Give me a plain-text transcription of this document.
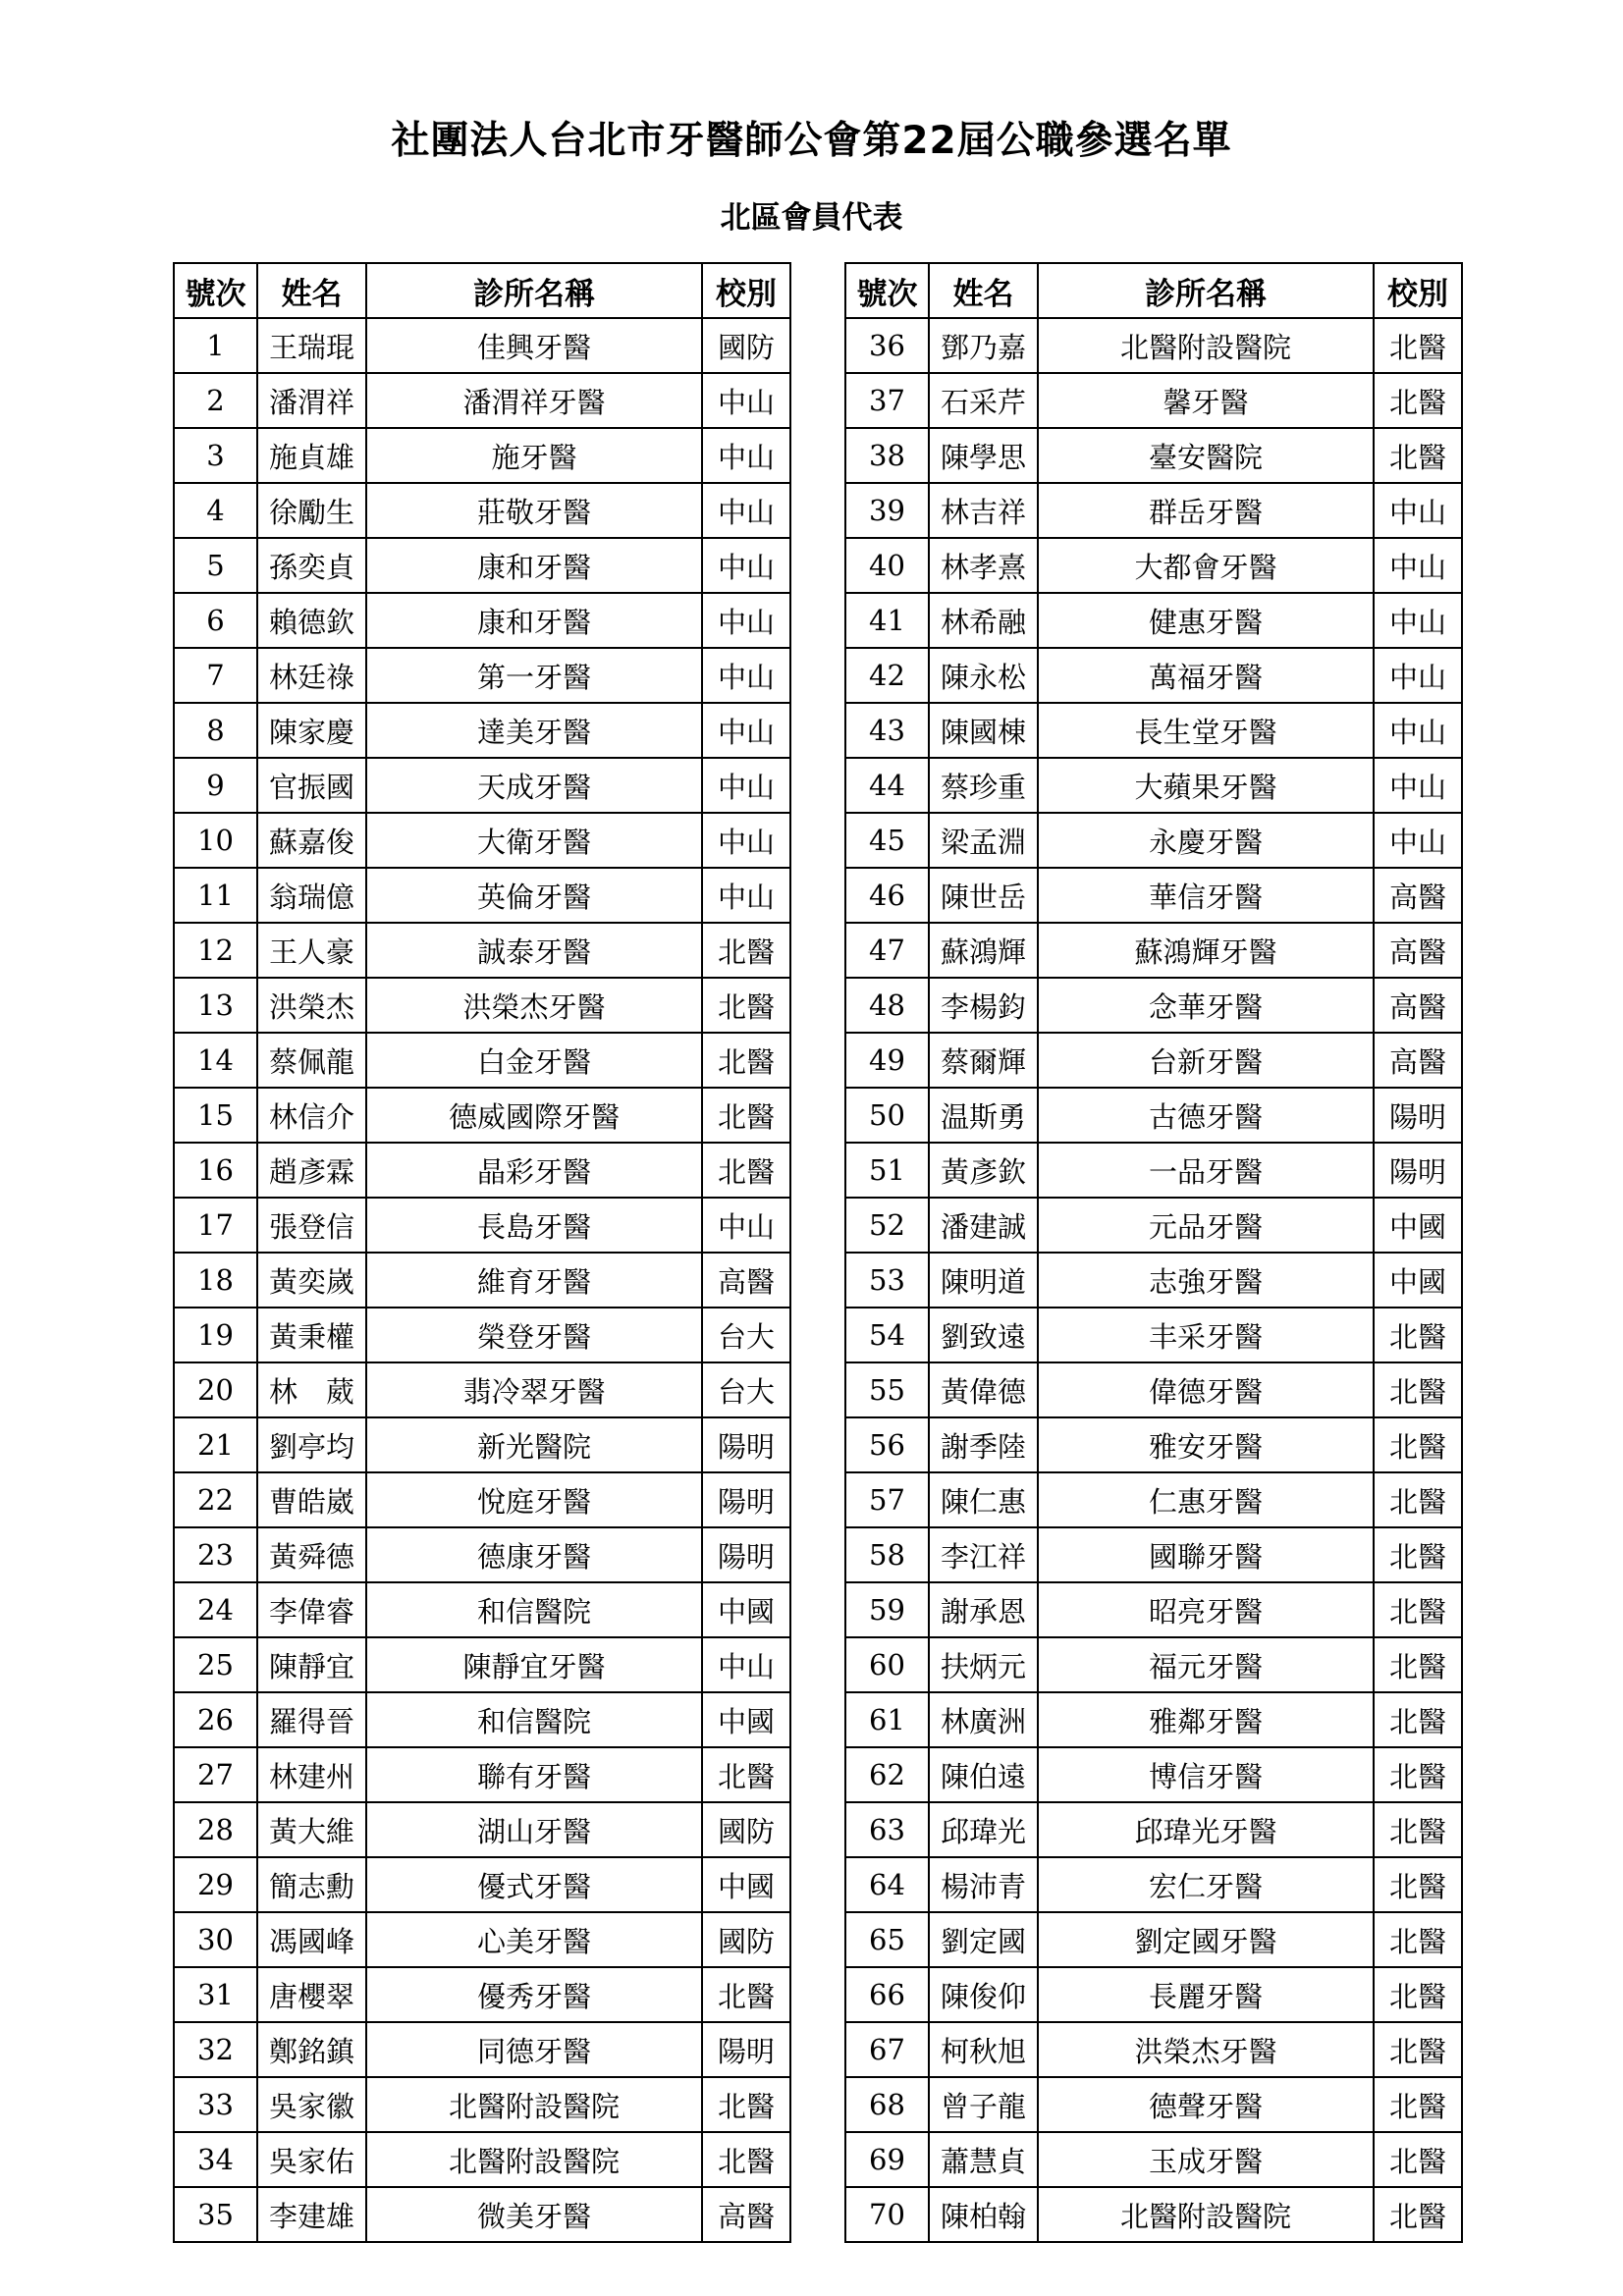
社團法人台北市牙醫師公會第22屆公職參選名單
北區會員代表
號次	姓名	診所名稱	校別
1	王瑞琨	佳興牙醫	國防
2	潘渭祥	潘渭祥牙醫	中山
3	施貞雄	施牙醫	中山
4	徐勵生	莊敬牙醫	中山
5	孫奕貞	康和牙醫	中山
6	賴德欽	康和牙醫	中山
7	林廷祿	第一牙醫	中山
8	陳家慶	達美牙醫	中山
9	官振國	天成牙醫	中山
10	蘇嘉俊	大衛牙醫	中山
11	翁瑞億	英倫牙醫	中山
12	王人豪	誠泰牙醫	北醫
13	洪榮杰	洪榮杰牙醫	北醫
14	蔡佩龍	白金牙醫	北醫
15	林信介	德威國際牙醫	北醫
16	趙彥霖	晶彩牙醫	北醫
17	張登信	長島牙醫	中山
18	黃奕嵗	維育牙醫	高醫
19	黃秉權	榮登牙醫	台大
20	林　葳	翡冷翠牙醫	台大
21	劉亭均	新光醫院	陽明
22	曹皓崴	悅庭牙醫	陽明
23	黃舜德	德康牙醫	陽明
24	李偉睿	和信醫院	中國
25	陳靜宜	陳靜宜牙醫	中山
26	羅得晉	和信醫院	中國
27	林建州	聯有牙醫	北醫
28	黃大維	湖山牙醫	國防
29	簡志勳	優式牙醫	中國
30	馮國峰	心美牙醫	國防
31	唐櫻翠	優秀牙醫	北醫
32	鄭銘鎮	同德牙醫	陽明
33	吳家徽	北醫附設醫院	北醫
34	吳家佑	北醫附設醫院	北醫
35	李建雄	微美牙醫	高醫
號次	姓名	診所名稱	校別
36	鄧乃嘉	北醫附設醫院	北醫
37	石采芹	馨牙醫	北醫
38	陳學思	臺安醫院	北醫
39	林吉祥	群岳牙醫	中山
40	林孝熹	大都會牙醫	中山
41	林希融	健惠牙醫	中山
42	陳永松	萬福牙醫	中山
43	陳國棟	長生堂牙醫	中山
44	蔡珍重	大蘋果牙醫	中山
45	梁孟淵	永慶牙醫	中山
46	陳世岳	華信牙醫	高醫
47	蘇鴻輝	蘇鴻輝牙醫	高醫
48	李楊鈞	念華牙醫	高醫
49	蔡爾輝	台新牙醫	高醫
50	温斯勇	古德牙醫	陽明
51	黃彥欽	一品牙醫	陽明
52	潘建誠	元品牙醫	中國
53	陳明道	志強牙醫	中國
54	劉致遠	丰采牙醫	北醫
55	黃偉德	偉德牙醫	北醫
56	謝季陸	雅安牙醫	北醫
57	陳仁惠	仁惠牙醫	北醫
58	李江祥	國聯牙醫	北醫
59	謝承恩	昭亮牙醫	北醫
60	扶炳元	福元牙醫	北醫
61	林廣洲	雅鄰牙醫	北醫
62	陳伯遠	博信牙醫	北醫
63	邱瑋光	邱瑋光牙醫	北醫
64	楊沛青	宏仁牙醫	北醫
65	劉定國	劉定國牙醫	北醫
66	陳俊仰	長麗牙醫	北醫
67	柯秋旭	洪榮杰牙醫	北醫
68	曾子龍	德聲牙醫	北醫
69	蕭慧貞	玉成牙醫	北醫
70	陳柏翰	北醫附設醫院	北醫
